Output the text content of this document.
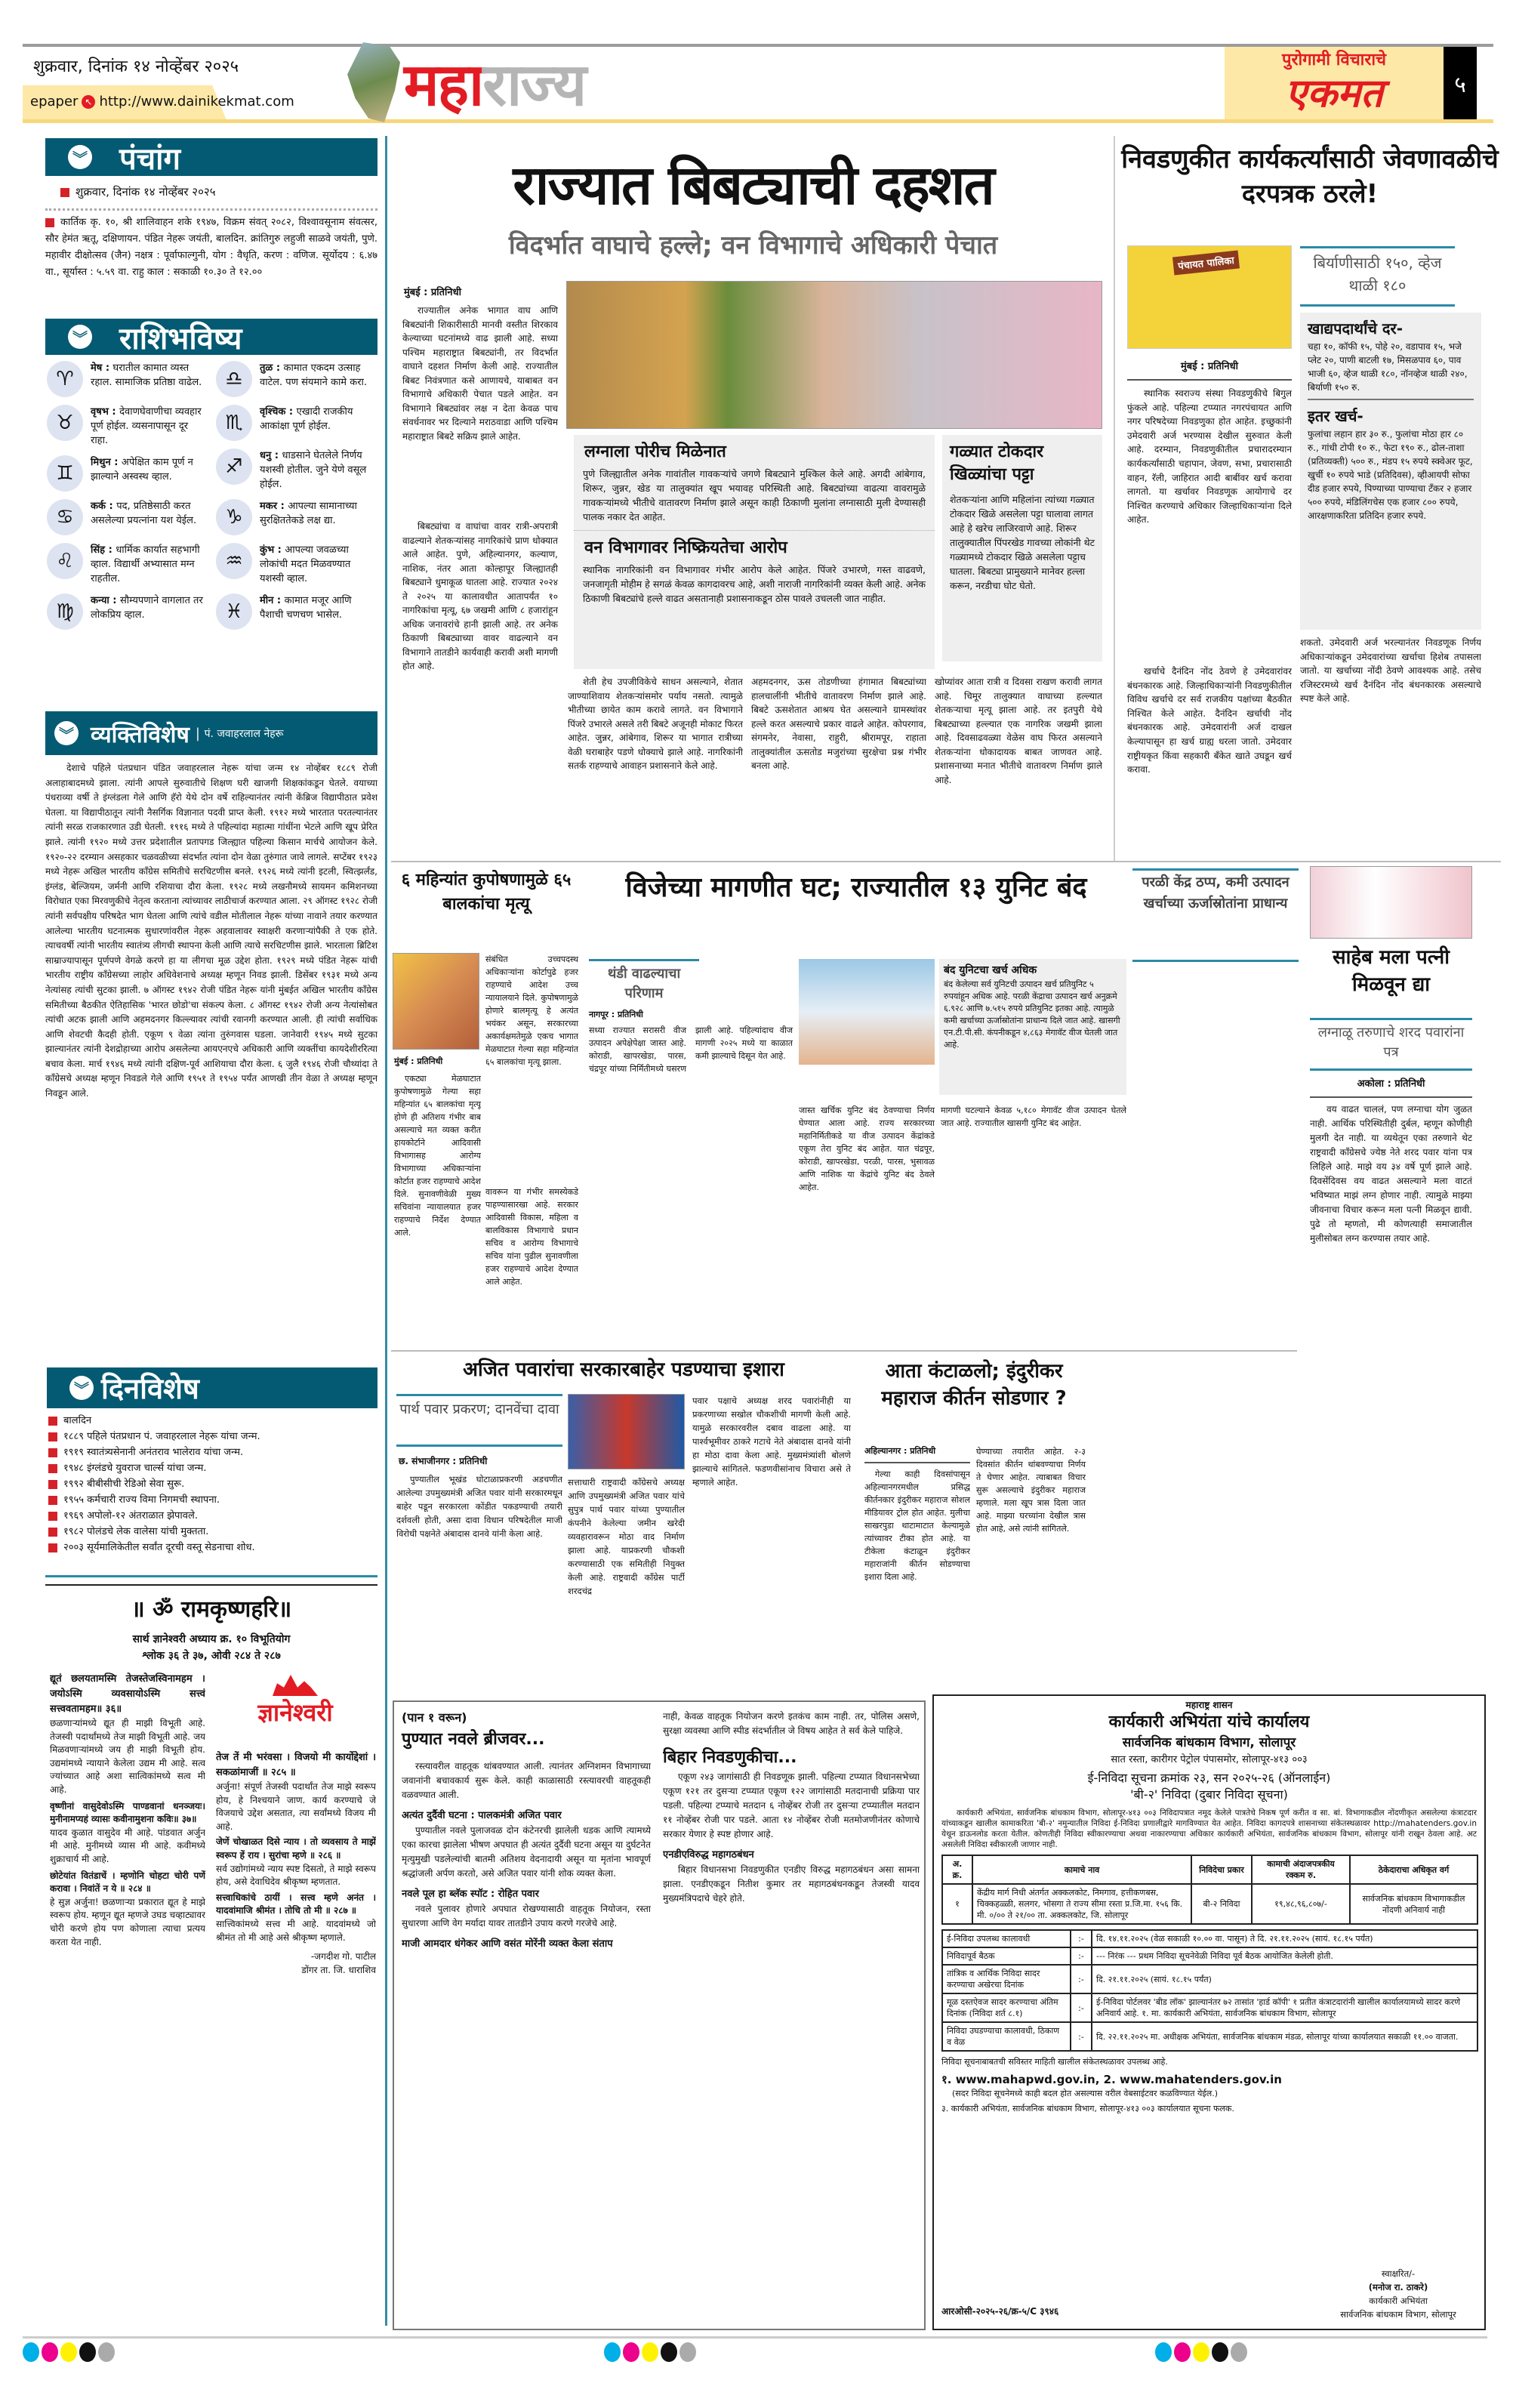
शुक्रवार, दिनांक १४ नोव्हेंबर २०२५
epaper ↖ http://www.dainikekmat.com महाराज्य	पुरोगामी विचाराचे
एकमत	५
︾ पंचांग
शुक्रवार, दिनांक १४ नोव्हेंबर २०२५
कार्तिक कृ. १०, श्री शालिवाहन शके १९४७, विक्रम संवत् २०८२, विश्वावसूनाम संवत्सर, सौर हेमंत ऋतू, दक्षिणायन. पंडित नेहरू जयंती, बालदिन. क्रांतिगुरु लहुजी साळवे जयंती, पुणे. महावीर दीक्षोत्सव (जैन) नक्षत्र : पूर्वाफाल्गुनी, योग : वैधृति, करण : वणिज. सूर्योदय : ६.४७ वा., सूर्यास्त : ५.५९ वा. राहु काल : सकाळी १०.३० ते १२.००
︾ राशिभविष्य
♈	मेष : घरातील कामात व्यस्त रहाल. सामाजिक प्रतिष्ठा वाढेल.
♉	वृषभ : देवाणघेवाणीचा व्यवहार पूर्ण होईल. व्यसनापासून दूर राहा.
♊	मिथुन : अपेक्षित काम पूर्ण न झाल्याने अस्वस्थ व्हाल.
♋	कर्क : पद, प्रतिष्ठेसाठी करत असलेल्या प्रयत्नांना यश येईल.
♌	सिंह : धार्मिक कार्यात सहभागी व्हाल. विद्यार्थी अभ्यासात मग्न राहतील.
♍	कन्या : सौम्यपणाने वागलात तर लोकप्रिय व्हाल.
♎	तुळ : कामात एकदम उत्साह वाटेल. पण संयमाने कामे करा.
♏	वृश्चिक : एखादी राजकीय आकांक्षा पूर्ण होईल.
♐	धनु : धाडसाने घेतलेले निर्णय यशस्वी होतील. जुने येणे वसूल होईल.
♑	मकर : आपल्या सामानाच्या सुरक्षिततेकडे लक्ष द्या.
♒	कुंभ : आपल्या जवळच्या लोकांची मदत मिळवण्यात यशस्वी व्हाल.
♓	मीन : कामात मजूर आणि पैशाची चणचण भासेल.
︾ व्यक्तिविशेष | पं. जवाहरलाल नेहरू
देशाचे पहिले पंतप्रधान पंडित जवाहरलाल नेहरू यांचा जन्म १४ नोव्हेंबर १८८९ रोजी अलाहाबादमध्ये झाला. त्यांनी आपले सुरुवातीचे शिक्षण घरी खाजगी शिक्षकांकडून घेतले. वयाच्या पंधराव्या वर्षी ते इंग्लंडला गेले आणि हॅरो येथे दोन वर्षे राहिल्यानंतर त्यांनी केंब्रिज विद्यापीठात प्रवेश घेतला. या विद्यापीठातून त्यांनी नैसर्गिक विज्ञानात पदवी प्राप्त केली. १९१२ मध्ये भारतात परतल्यानंतर त्यांनी सरळ राजकारणात उडी घेतली. १९१६ मध्ये ते पहिल्यांदा महात्मा गांधींना भेटले आणि खूप प्रेरित झाले. त्यांनी १९२० मध्ये उत्तर प्रदेशातील प्रतापगड जिल्ह्यात पहिल्या किसान मार्चचे आयोजन केले. १९२०-२२ दरम्यान असहकार चळवळीच्या संदर्भात त्यांना दोन वेळा तुरुंगात जावे लागले. सप्टेंबर १९२३ मध्ये नेहरू अखिल भारतीय काँग्रेस समितीचे सरचिटणीस बनले. १९२६ मध्ये त्यांनी इटली, स्वित्झर्लंड, इंग्लंड, बेल्जियम, जर्मनी आणि रशियाचा दौरा केला. १९२८ मध्ये लखनौमध्ये सायमन कमिशनच्या विरोधात एका मिरवणुकीचे नेतृत्व करताना त्यांच्यावर लाठीचार्ज करण्यात आला. २९ ऑगस्ट १९२८ रोजी त्यांनी सर्वपक्षीय परिषदेत भाग घेतला आणि त्यांचे वडील मोतीलाल नेहरू यांच्या नावाने तयार करण्यात आलेल्या भारतीय घटनात्मक सुधारणांवरील नेहरू अहवालावर स्वाक्षरी करणाऱ्यांपैकी ते एक होते. त्याचवर्षी त्यांनी भारतीय स्वातंत्र्य लीगची स्थापना केली आणि त्याचे सरचिटणीस झाले. भारताला ब्रिटिश साम्राज्यापासून पूर्णपणे वेगळे करणे हा या लीगचा मूळ उद्देश होता. १९२९ मध्ये पंडित नेहरू यांची भारतीय राष्ट्रीय काँग्रेसच्या लाहोर अधिवेशनाचे अध्यक्ष म्हणून निवड झाली. डिसेंबर १९३१ मध्ये अन्य नेत्यांसह त्यांची सुटका झाली. ७ ऑगस्ट १९४२ रोजी पंडित नेहरू यांनी मुंबईत अखिल भारतीय काँग्रेस समितीच्या बैठकीत ऐतिहासिक 'भारत छोडो'चा संकल्प केला. ८ ऑगस्ट १९४२ रोजी अन्य नेत्यांसोबत त्यांची अटक झाली आणि अहमदनगर किल्ल्यावर त्यांची रवानगी करण्यात आली. ही त्यांची सर्वाधिक आणि शेवटची कैदही होती. एकूण ९ वेळा त्यांना तुरुंगवास घडला. जानेवारी १९४५ मध्ये सुटका झाल्यानंतर त्यांनी देशद्रोहाच्या आरोप असलेल्या आयएनएचे अधिकारी आणि व्यक्तींचा कायदेशीररित्या बचाव केला. मार्च १९४६ मध्ये त्यांनी दक्षिण-पूर्व आशियाचा दौरा केला. ६ जुलै १९४६ रोजी चौथ्यांदा ते काँग्रेसचे अध्यक्ष म्हणून निवडले गेले आणि १९५१ ते १९५४ पर्यंत आणखी तीन वेळा ते अध्यक्ष म्हणून निवडून आले.
︾ दिनविशेष
बालदिन
१८८९ पहिले पंतप्रधान पं. जवाहरलाल नेहरू यांचा जन्म.
१९१९ स्वातंत्र्यसेनानी अनंतराव भालेराव यांचा जन्म.
१९४८ इंग्लंडचे युवराज चार्ल्स यांचा जन्म.
१९९२ बीबीसीची रेडिओ सेवा सुरू.
१९५५ कर्मचारी राज्य विमा निगमची स्थापना.
१९६९ अपोलो-१२ अंतराळात झेपावले.
१९८२ पोलंडचे लेक वालेसा यांची मुक्तता.
२००३ सूर्यमालिकेतील सर्वांत दूरची वस्तू सेडनाचा शोध.
॥ ॐ रामकृष्णहरि॥
सार्थ ज्ञानेश्वरी अध्याय क्र. १० विभूतियोग
श्लोक ३६ ते ३७, ओवी २८४ ते २८७
द्यूतं छलयतामस्मि तेजस्तेजस्विनामहम । जयोऽस्मि व्यवसायोऽस्मि सत्त्वं सत्त्ववतामहम॥ ३६॥
छळणाऱ्यांमध्ये द्यूत ही माझी विभूती आहे. तेजस्वी पदार्थांमध्ये तेज माझी विभूती आहे. जय मिळवणाऱ्यांमध्ये जय ही माझी विभूती होय. उद्यमांमध्ये न्यायाने केलेला उद्यम मी आहे. सत्व ज्यांच्यात आहे अशा सात्विकांमध्ये सत्व मी आहे.
वृष्णीनां वासुदेवोऽस्मि पाण्डवानां धनञ्जयः। मुनीनामप्यहं व्यासः कवीनामुशना कविः॥ ३७॥
यादव कुळात वासुदेव मी आहे. पांडवात अर्जुन मी आहे. मुनीमध्ये व्यास मी आहे. कवीमध्ये शुक्राचार्य मी आहे.
छोटेयांत वितंडाचें । म्हणोनि चोहटा चोरी पणें करावा । निवांतें न ये ॥ २८४ ॥
हे सुज्ञ अर्जुना! छळणाऱ्या प्रकारात द्यूत हे माझे स्वरूप होय. म्हणून द्यूत म्हणजे उघड चव्हाट्यावर चोरी करणे होय पण कोणाला त्याचा प्रत्यय करता येत नाही.
ज्ञानेश्वरी
तेज तें मी भरंवसा । विजयो मी कार्योद्देशां । सकळांमाजीं ॥ २८५ ॥
अर्जुना! संपूर्ण तेजस्वी पदार्थांत तेज माझे स्वरूप होय, हे निश्चयाने जाण. कार्य करण्याचे जे विजयाचे उद्देश असतात, त्या सर्वांमध्ये विजय मी आहे.
जेणें चोखाळत दिसे न्याय । तो व्यवसाय ते माझें स्वरूप हें राय । सुरांचा म्हणे ॥ २८६ ॥
सर्व उद्योगांमध्ये न्याय स्पष्ट दिसतो, ते माझे स्वरूप होय, असे देवाधिदेव श्रीकृष्ण म्हणतात.
सत्त्वाधिकांचे ठायीं । सत्त्व म्हणे अनंत । यादवांमाजि श्रीमंत । तोचि तो मी ॥ २८७ ॥
सात्त्विकांमध्ये सत्त्व मी आहे. यादवांमध्ये जो श्रीमंत तो मी आहे असे श्रीकृष्ण म्हणाले.
-जगदीश गो. पाटील
डोंगर ता. जि. धाराशिव
राज्यात बिबट्याची दहशत
विदर्भात वाघाचे हल्ले; वन विभागाचे अधिकारी पेचात
मुंबई : प्रतिनिधी
राज्यातील अनेक भागात वाघ आणि बिबट्यांनी शिकारीसाठी मानवी वस्तीत शिरकाव केल्याच्या घटनांमध्ये वाढ झाली आहे. सध्या पश्चिम महाराष्ट्रात बिबट्यांनी, तर विदर्भात वाघाने दहशत निर्माण केली आहे. राज्यातील बिबट निवंत्रणात कसे आणायचे, याबाबत वन विभागाचे अधिकारी पेचात पडले आहेत. वन विभागाने बिबट्यांवर लक्ष न देता केवळ पाच संवर्धनावर भर दिल्याने मराठवाडा आणि पश्चिम महाराष्ट्रात बिबटे सक्रिय झाले आहेत.
बिबट्यांचा व वाघांचा वावर रात्री-अपरात्री वाढल्याने शेतकऱ्यांसह नागरिकांचे प्राण धोक्यात आले आहेत. पुणे, अहिल्यानगर, कल्याण, नाशिक, नंतर आता कोल्हापूर जिल्ह्यातही बिबट्याने धुमाकूळ घातला आहे. राज्यात २०२४ ते २०२५ या कालावधीत आतापर्यंत १० नागरिकांचा मृत्यू, ६७ जखमी आणि ८ हजारांहून अधिक जनावरांचे हानी झाली आहे. तर अनेक ठिकाणी बिबट्याच्या वावर वाढल्याने वन विभागाने तातडीने कार्यवाही करावी अशी मागणी होत आहे.
लग्नाला पोरीच मिळेनात
पुणे जिल्ह्यातील अनेक गावांतील गावकऱ्यांचे जगणे बिबट्याने मुश्किल केले आहे. अगदी आंबेगाव, शिरूर, जुन्नर, खेड या तालुक्यांत खूप भयावह परिस्थिती आहे. बिबट्यांच्या वाढत्या वावरामुळे गावकऱ्यांमध्ये भीतीचे वातावरण निर्माण झाले असून काही ठिकाणी मुलांना लग्नासाठी मुली देण्यासही पालक नकार देत आहेत.
वन विभागावर निष्क्रियतेचा आरोप
स्थानिक नागरिकांनी वन विभागावर गंभीर आरोप केले आहेत. पिंजरे उभारणे, गस्त वाढवणे, जनजागृती मोहीम हे सगळं केवळ कागदावरच आहे, अशी नाराजी नागरिकांनी व्यक्त केली आहे. अनेक ठिकाणी बिबट्यांचे हल्ले वाढत असतानाही प्रशासनाकडून ठोस पावले उचलली जात नाहीत.
गळ्यात टोकदार खिळ्यांचा पट्टा
शेतकऱ्यांना आणि महिलांना त्यांच्या गळ्यात टोकदार खिळे असलेला पट्टा घालावा लागत आहे हे खरेच लाजिरवाणे आहे. शिरूर तालुक्यातील पिंपरखेड गावच्या लोकांनी थेट गळ्यामध्ये टोकदार खिळे असलेला पट्टाच घातला. बिबट्या प्रामुख्याने मानेवर हल्ला करून, नरडीचा घोट घेतो.
शेती हेच उपजीविकेचे साधन असल्याने, शेतात जाण्याशिवाय शेतकऱ्यांसमोर पर्याय नसतो. त्यामुळे भीतीच्या छायेत काम करावे लागते. वन विभागाने पिंजरे उभारले असले तरी बिबटे अजूनही मोकाट फिरत आहेत. जुन्नर, आंबेगाव, शिरूर या भागात रात्रीच्या वेळी घराबाहेर पडणे धोक्याचे झाले आहे. नागरिकांनी सतर्क राहण्याचे आवाहन प्रशासनाने केले आहे.
अहमदनगर, ऊस तोडणीच्या हंगामात बिबट्यांच्या हालचालींनी भीतीचे वातावरण निर्माण झाले आहे. बिबटे ऊसशेतात आश्रय घेत असल्याने ग्रामस्थांवर हल्ले करत असल्याचे प्रकार वाढले आहेत. कोपरगाव, संगमनेर, नेवासा, राहुरी, श्रीरामपूर, राहाता तालुक्यांतील ऊसतोड मजुरांच्या सुरक्षेचा प्रश्न गंभीर बनला आहे.
खोप्यांवर आता रात्री व दिवसा राखण करावी लागत आहे. चिमूर तालुक्यात वाघाच्या हल्ल्यात शेतकऱ्याचा मृत्यू झाला आहे. तर इतपुरी येथे बिबट्याच्या हल्ल्यात एक नागरिक जखमी झाला आहे. दिवसाढवळ्या वेळेस वाघ फिरत असल्याने शेतकऱ्यांना धोकादायक बाबत जाणवत आहे. प्रशासनाच्या मनात भीतीचे वातावरण निर्माण झाले आहे.
निवडणुकीत कार्यकर्त्यांसाठी जेवणावळीचे दरपत्रक ठरले!
पंचायत पालिका	बिर्याणीसाठी १५०, व्हेज थाळी १८०
मुंबई : प्रतिनिधी
स्थानिक स्वराज्य संस्था निवडणुकीचे बिगुल फुंकले आहे. पहिल्या टप्प्यात नगरपंचायत आणि नगर परिषदेच्या निवडणुका होत आहेत. इच्छुकांनी उमेदवारी अर्ज भरण्यास देखील सुरुवात केली आहे. दरम्यान, निवडणुकीतील प्रचारादरम्यान कार्यकर्त्यांसाठी चहापान, जेवण, सभा, प्रचारासाठी वाहन, रॅली, जाहिरात आदी बाबींवर खर्च करावा लागतो. या खर्चावर निवडणूक आयोगाचे दर निश्चित करण्याचे अधिकार जिल्हाधिकाऱ्यांना दिले आहेत.
खर्चाचे दैनंदिन नोंद ठेवणे हे उमेदवारांवर बंधनकारक आहे. जिल्हाधिकाऱ्यांनी निवडणुकीतील विविध खर्चाचे दर सर्व राजकीय पक्षांच्या बैठकीत निश्चित केले आहेत. दैनंदिन खर्चाची नोंद बंधनकारक आहे. उमेदवारांनी अर्ज दाखल केल्यापासून हा खर्च ग्राह्य धरला जातो. उमेदवार राष्ट्रीयकृत किंवा सहकारी बँकेत खाते उघडून खर्च करावा.
खाद्यपदार्थांचे दर-
चहा १०, कॉफी १५, पोहे २०, वडापाव १५, भजे प्लेट २०, पाणी बाटली १७, मिसळपाव ६०, पाव भाजी ६०, व्हेज थाळी १८०, नॉनव्हेज थाळी २४०, बिर्याणी १५० रु.
इतर खर्च-
फुलांचा लहान हार ३० रु., फुलांचा मोठा हार ८० रु., गांधी टोपी १० रु., फेटा १९० रु., ढोल-ताशा (प्रतिव्यक्ती) ५०० रु., मंडप १५ रुपये स्क्वेअर फूट, खुर्ची १० रुपये भाडे (प्रतिदिवस), व्हीआयपी सोफा दीड हजार रुपये, पिण्याच्या पाण्याचा टँकर २ हजार ५०० रुपये, मंडिलिंगचेस एक हजार ८०० रुपये, आरक्षणाकरिता प्रतिदिन हजार रुपये.
शकतो. उमेदवारी अर्ज भरल्यानंतर निवडणूक निर्णय अधिकाऱ्यांकडून उमेदवारांच्या खर्चाचा हिशेब तपासला जातो. या खर्चाच्या नोंदी ठेवणे आवश्यक आहे. तसेच रजिस्टरमध्ये खर्च दैनंदिन नोंद बंधनकारक असल्याचे स्पष्ट केले आहे.
६ महिन्यांत कुपोषणामुळे ६५ बालकांचा मृत्यू
संबंधित उच्चपदस्थ अधिकाऱ्यांना कोर्टापुढे हजर राहण्याचे आदेश उच्च न्यायालयाने दिले. कुपोषणामुळे होणारे बालमृत्यू हे अत्यंत भयंकर असून, सरकारच्या अकार्यक्षमतेमुळे एकच भागात मेळघाटात गेल्या सहा महिन्यांत ६५ बालकांचा मृत्यू झाला.
मुंबई : प्रतिनिधी
एकट्या मेळघाटात कुपोषणामुळे गेल्या सहा महिन्यांत ६५ बालकांचा मृत्यू होणे ही अतिशय गंभीर बाब असल्याचे मत व्यक्त करीत हायकोर्टाने आदिवासी विभागासह आरोग्य विभागाच्या अधिकाऱ्यांना कोर्टात हजर राहण्याचे आदेश दिले. सुनावणीवेळी मुख्य सचिवांना न्यायालयात हजर राहण्याचे निर्देश देण्यात आले.
वावरून या गंभीर समस्येकडे पाहण्यासारखा आहे. सरकार आदिवासी विकास, महिला व बालविकास विभागाचे प्रधान सचिव व आरोग्य विभागाचे सचिव यांना पुढील सुनावणीला हजर राहण्याचे आदेश देण्यात आले आहेत.
विजेच्या मागणीत घट; राज्यातील १३ युनिट बंद
थंडी वाढल्याचा परिणाम
नागपूर : प्रतिनिधी
सध्या राज्यात सरासरी वीज उत्पादन अपेक्षेपेक्षा जास्त आहे. कोराडी, खापरखेडा, पारस, चंद्रपूर यांच्या निर्मितीमध्ये घसरण झाली आहे. पहिल्यांदाच वीज मागणी २०२५ मध्ये या काळात कमी झाल्याचे दिसून येत आहे.
बंद युनिटचा खर्च अधिक
बंद केलेल्या सर्व युनिटची उत्पादन खर्च प्रतियुनिट ५ रुपयांहून अधिक आहे. परळी केंद्राचा उत्पादन खर्च अनुक्रमे ६.९२८ आणि ७.५१५ रुपये प्रतियुनिट इतका आहे. त्यामुळे कमी खर्चाच्या ऊर्जास्रोतांना प्राधान्य दिले जात आहे. खासगी एन.टी.पी.सी. कंपनीकडून ४,८६३ मेगावॅट वीज घेतली जात आहे.
जास्त खर्चिक युनिट बंद ठेवण्याचा निर्णय घेण्यात आला आहे. राज्य सरकारच्या महानिर्मितीकडे या वीज उत्पादन केंद्रांकडे एकूण तेरा युनिट बंद आहेत. यात चंद्रपूर, कोराडी, खापरखेडा, परळी, पारस, भुसावळ आणि नाशिक या केंद्रांचे युनिट बंद ठेवले आहेत.
मागणी घटल्याने केवळ ५,१८० मेगावॅट वीज उत्पादन घेतले जात आहे. राज्यातील खासगी युनिट बंद आहेत.
परळी केंद्र ठप्प, कमी उत्पादन खर्चाच्या ऊर्जास्रोतांना प्राधान्य
साहेब मला पत्नी मिळवून द्या
लग्नाळू तरुणाचे शरद पवारांना पत्र
अकोला : प्रतिनिधी
वय वाढत चाललं, पण लग्नाचा योग जुळत नाही. आर्थिक परिस्थितीही दुर्बल, म्हणून कोणीही मुलगी देत नाही. या व्यथेतून एका तरुणाने थेट राष्ट्रवादी काँग्रेसचे ज्येष्ठ नेते शरद पवार यांना पत्र लिहिले आहे. माझे वय ३४ वर्षे पूर्ण झाले आहे. दिवसेंदिवस वय वाढत असल्याने मला वाटतं भविष्यात माझं लग्न होणार नाही. त्यामुळे माझ्या जीवनाचा विचार करून मला पत्नी मिळवून द्यावी. पुढे तो म्हणतो, मी कोणत्याही समाजातील मुलीसोबत लग्न करण्यास तयार आहे.
अजित पवारांचा सरकारबाहेर पडण्याचा इशारा
पार्थ पवार प्रकरण; दानवेंचा दावा
छ. संभाजीनगर : प्रतिनिधी
पुण्यातील भूखंड घोटाळाप्रकरणी अडचणीत आलेल्या उपमुख्यमंत्री अजित पवार यांनी सरकारमधून बाहेर पडून सरकारला कोंडीत पकडण्याची तयारी दर्शवली होती, असा दावा विधान परिषदेतील माजी विरोधी पक्षनेते अंबादास दानवे यांनी केला आहे.
सत्ताधारी राष्ट्रवादी काँग्रेसचे अध्यक्ष आणि उपमुख्यमंत्री अजित पवार यांचे सुपुत्र पार्थ पवार यांच्या पुण्यातील कंपनीने केलेल्या जमीन खरेदी व्यवहारावरून मोठा वाद निर्माण झाला आहे. याप्रकरणी चौकशी करण्यासाठी एक समितीही नियुक्त केली आहे. राष्ट्रवादी काँग्रेस पार्टी शरदचंद्र
पवार पक्षाचे अध्यक्ष शरद पवारांनीही या प्रकरणाच्या सखोल चौकशीची मागणी केली आहे. यामुळे सरकारवरील दबाव वाढला आहे. या पार्श्वभूमीवर ठाकरे गटाचे नेते अंबादास दानवे यांनी हा मोठा दावा केला आहे. मुख्यमंत्र्यांशी बोलणे झाल्याचे सांगितले. फडणवीसांनाच विचारा असे ते म्हणाले आहेत.
आता कंटाळलो; इंदुरीकर महाराज कीर्तन सोडणार ?
अहिल्यानगर : प्रतिनिधी
गेल्या काही दिवसांपासून अहिल्यानगरमधील प्रसिद्ध कीर्तनकार इंदुरीकर महाराज सोशल मीडियावर ट्रोल होत आहेत. मुलीचा साखरपुडा थाटामाटात केल्यामुळे त्यांच्यावर टीका होत आहे. या टीकेला कंटाळून इंदुरीकर महाराजांनी कीर्तन सोडण्याचा इशारा दिला आहे.
घेण्याच्या तयारीत आहेत. २-३ दिवसांत कीर्तन थांबवण्याचा निर्णय ते घेणार आहेत. त्याबाबत विचार सुरू असल्याचे इंदुरीकर महाराज म्हणाले. मला खूप त्रास दिला जात आहे. माझ्या घरच्यांना देखील त्रास होत आहे, असे त्यांनी सांगितले.
(पान १ वरून)
पुण्यात नवले ब्रीजवर...
रस्त्यावरील वाहतूक थांबवण्यात आली. त्यानंतर अग्निशमन विभागाच्या जवानांनी बचावकार्य सुरू केले. काही काळासाठी रस्त्यावरची वाहतूकही वळवण्यात आली.
अत्यंत दुर्दैवी घटना : पालकमंत्री अजित पवार
पुण्यातील नवले पुलाजवळ दोन कंटेनरची झालेली धडक आणि त्यामध्ये एका कारचा झालेला भीषण अपघात ही अत्यंत दुर्दैवी घटना असून या दुर्घटनेत मृत्युमुखी पडलेल्यांची बातमी अतिशय वेदनादायी असून या मृतांना भावपूर्ण श्रद्धांजली अर्पण करतो, असे अजित पवार यांनी शोक व्यक्त केला.
नवले पूल हा ब्लॅक स्पॉट : रोहित पवार
नवले पुलावर होणारे अपघात रोखण्यासाठी वाहतूक नियोजन, रस्ता सुधारणा आणि वेग मर्यादा यावर तातडीने उपाय करणे गरजेचे आहे.
माजी आमदार धंगेकर आणि वसंत मोरेंनी व्यक्त केला संताप
नाही, केवळ वाहतूक नियोजन करणे इतकंच काम नाही. तर, पोलिस असणे, सुरक्षा व्यवस्था आणि स्पीड संदर्भातील जे विषय आहेत ते सर्व केले पाहिजे.
बिहार निवडणुकीचा...
एकूण २४३ जागांसाठी ही निवडणूक झाली. पहिल्या टप्प्यात विधानसभेच्या एकूण १२१ तर दुसऱ्या टप्प्यात एकूण १२२ जागांसाठी मतदानाची प्रक्रिया पार पडली. पहिल्या टप्प्याचे मतदान ६ नोव्हेंबर रोजी तर दुसऱ्या टप्प्यातील मतदान ११ नोव्हेंबर रोजी पार पडले. आता १४ नोव्हेंबर रोजी मतमोजणीनंतर कोणाचे सरकार येणार हे स्पष्ट होणार आहे.
एनडीएविरुद्ध महागठबंधन
बिहार विधानसभा निवडणुकीत एनडीए विरुद्ध महागठबंधन असा सामना झाला. एनडीएकडून नितीश कुमार तर महागठबंधनकडून तेजस्वी यादव मुख्यमंत्रिपदाचे चेहरे होते.
महाराष्ट्र शासन
कार्यकारी अभियंता यांचे कार्यालय
सार्वजनिक बांधकाम विभाग, सोलापूर
सात रस्ता, कारीगर पेट्रोल पंपासमोर, सोलापूर-४१३ ००३
ई-निविदा सूचना क्रमांक २३, सन २०२५-२६ (ऑनलाईन)
'बी-२' निविदा (दुबार निविदा सूचना)
कार्यकारी अभियंता, सार्वजनिक बांधकाम विभाग, सोलापूर-४१३ ००३ निविदापत्रात नमूद केलेले पात्रतेचे निकष पूर्ण करीत व सा. बां. विभागाकडील नोंदणीकृत असलेल्या कंत्राटदार यांच्याकडून खालील कामाकरिता 'बी-२' नमुन्यातील निविदा ई-निविदा प्रणालीद्वारे मागविण्यात येत आहेत. निविदा कागदपत्रे शासनाच्या संकेतस्थळावर http://mahatenders.gov.in येथून डाऊनलोड करता येतील. कोणतीही निविदा स्वीकारण्याचा अथवा नाकारण्याचा अधिकार कार्यकारी अभियंता, सार्वजनिक बांधकाम विभाग, सोलापूर यांनी राखून ठेवला आहे. अट असलेली निविदा स्वीकारली जाणार नाही.
अ. क्र.	कामाचे नाव	निविदेचा प्रकार	कामाची अंदाजपत्रकीय रक्कम रु.	ठेकेदाराचा अधिकृत वर्ग
१	केंद्रीय मार्ग निधी अंतर्गत अक्कलकोट, निमगाव, हत्तीकणबस, चिक्कहळ्ळी, सलगर, भोसगा ते राज्य सीमा रस्ता प्र.जि.मा. १५६ कि. मी. ०/०० ते २१/०० ता. अक्कलकोट, जि. सोलापूर	बी-२ निविदा	१९,४८,९६,८०७/-	सार्वजनिक बांधकाम विभागाकडील नोंदणी अनिवार्य नाही
ई-निविदा उपलब्ध कालावधी	:-	दि. १४.११.२०२५ (वेळ सकाळी १०.०० वा. पासून) ते दि. २१.११.२०२५ (सायं. १८.१५ पर्यंत)
निविदापूर्व बैठक	:-	--- निरंक --- प्रथम निविदा सूचनेवेळी निविदा पूर्व बैठक आयोजित केलेली होती.
तांत्रिक व आर्थिक निविदा सादर करण्याचा अखेरचा दिनांक	:-	दि. २१.११.२०२५ (सायं. १८.१५ पर्यंत)
मूळ दस्तऐवज सादर करण्याचा अंतिम दिनांक (निविदा शर्त ८.१)	:-	ई-निविदा पोर्टलवर 'बीड लॉक' झाल्यानंतर ७२ तासांत 'हार्ड कॉपी' १ प्रतीत कंत्राटदारांनी खालील कार्यालयामध्ये सादर करणे अनिवार्य आहे. १. मा. कार्यकारी अभियंता, सार्वजनिक बांधकाम विभाग, सोलापूर
निविदा उघडण्याचा कालावधी, ठिकाण व वेळ	:-	दि. २२.११.२०२५ मा. अधीक्षक अभियंता, सार्वजनिक बांधकाम मंडळ, सोलापूर यांच्या कार्यालयात सकाळी ११.०० वाजता.
निविदा सूचनाबाबतची सविस्तर माहिती खालील संकेतस्थळावर उपलब्ध आहे.
१. www.mahapwd.gov.in, 2. www.mahatenders.gov.in
(सदर निविदा सूचनेमध्ये काही बदल होत असल्यास वरील वेबसाईटवर कळविण्यात येईल.)
३. कार्यकारी अभियंता, सार्वजनिक बांधकाम विभाग, सोलापूर-४१३ ००३ कार्यालयात सूचना फलक.
स्वाक्षरित/-
(मनोज रा. ठाकरे)
कार्यकारी अभियंता
सार्वजनिक बांधकाम विभाग, सोलापूर
आरओसी-२०२५-२६/क्र-५/C ३९४६
